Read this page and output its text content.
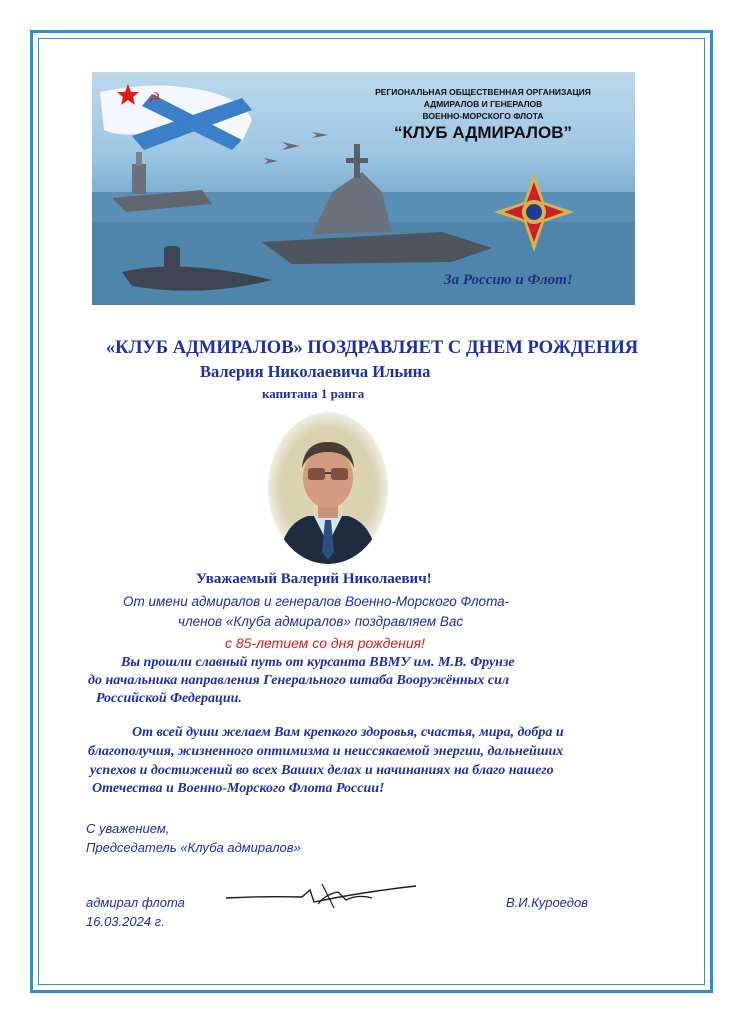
☭	РЕГИОНАЛЬНАЯ ОБЩЕСТВЕННАЯ ОРГАНИЗАЦИЯ
АДМИРАЛОВ И ГЕНЕРАЛОВ
ВОЕННО-МОРСКОГО ФЛОТА
“КЛУБ АДМИРАЛОВ”
За Россию и Флот!
«КЛУБ АДМИРАЛОВ» ПОЗДРАВЛЯЕТ С ДНЕМ РОЖДЕНИЯ
Валерия Николаевича Ильина
капитана 1 ранга
Уважаемый Валерий Николаевич!
От имени адмиралов и генералов Военно-Морского Флота-
членов «Клуба адмиралов» поздравляем Вас
с 85-летием со дня рождения!
Вы прошли славный путь от курсанта ВВМУ им. М.В. Фрунзе
до начальника направления Генерального штаба Вооружённых сил
Российской Федерации.
От всей души желаем Вам крепкого здоровья, счастья, мира, добра и
благополучия, жизненного оптимизма и неиссякаемой энергии, дальнейших
успехов и достижений во всех Ваших делах и начинаниях на благо нашего
Отечества и Военно-Морского Флота России!
С уважением,
Председатель «Клуба адмиралов»
адмирал флота
16.03.2024 г.
В.И.Куроедов
